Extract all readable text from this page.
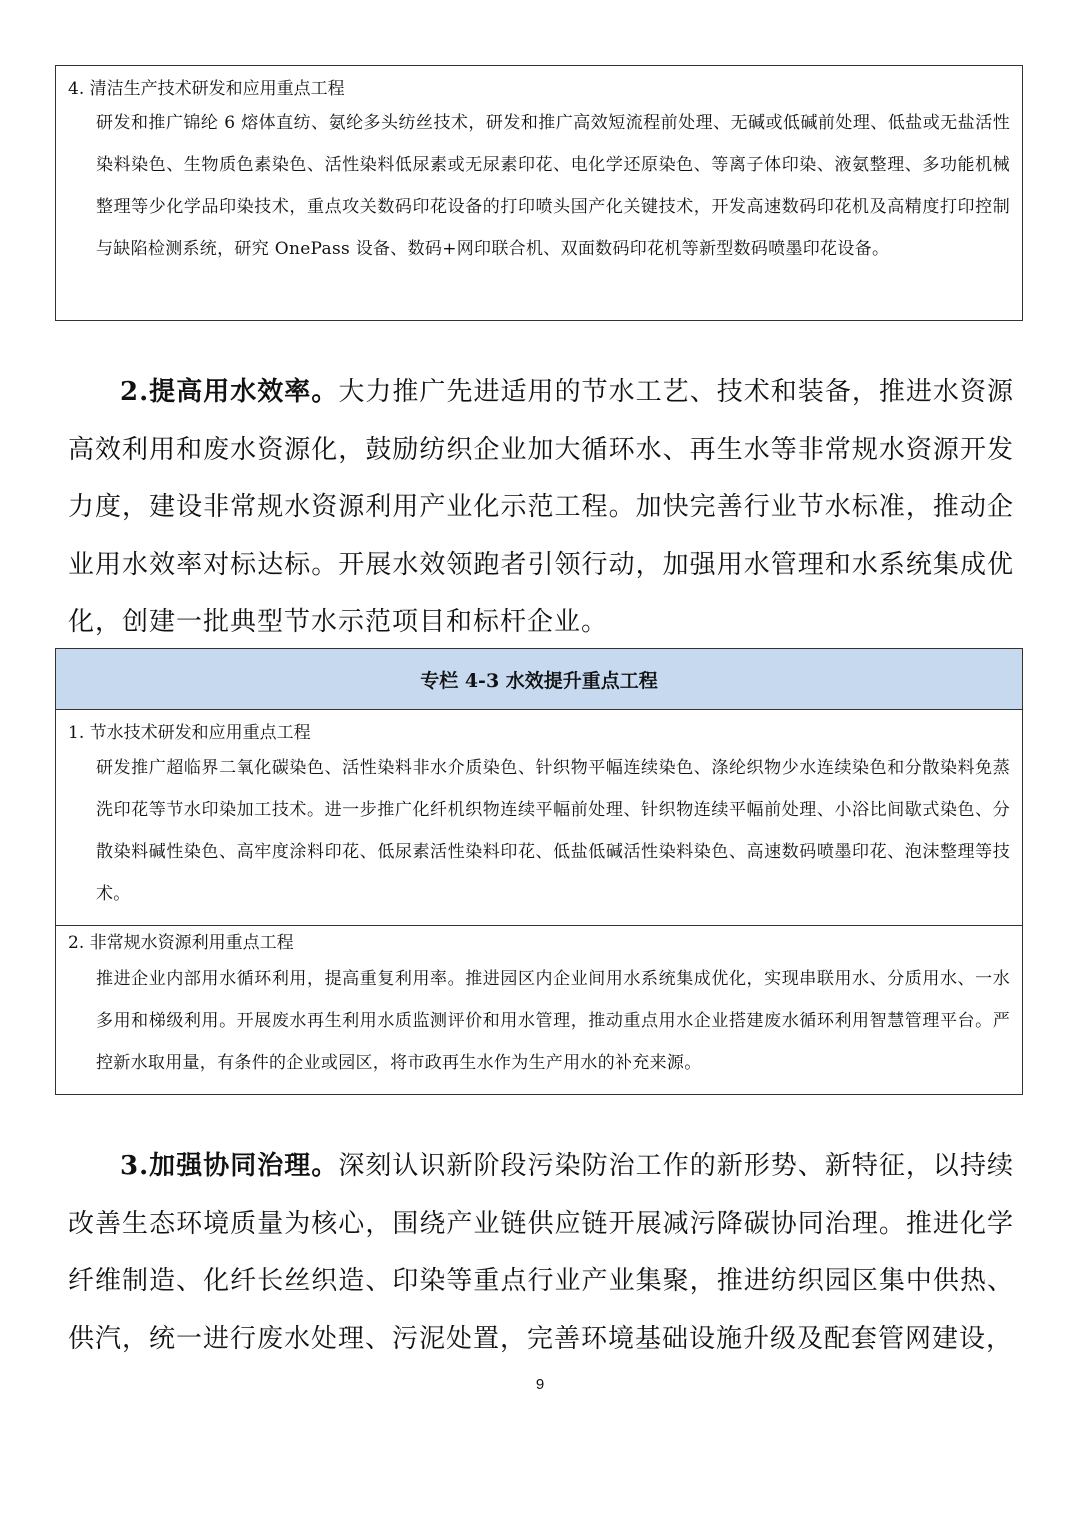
4. 清洁生产技术研发和应用重点工程
研发和推广锦纶 6 熔体直纺、氨纶多头纺丝技术，研发和推广高效短流程前处理、无碱或低碱前处理、低盐或无盐活性染料染色、生物质色素染色、活性染料低尿素或无尿素印花、电化学还原染色、等离子体印染、液氨整理、多功能机械整理等少化学品印染技术，重点攻关数码印花设备的打印喷头国产化关键技术，开发高速数码印花机及高精度打印控制与缺陷检测系统，研究 OnePass 设备、数码+网印联合机、双面数码印花机等新型数码喷墨印花设备。
2.提高用水效率。大力推广先进适用的节水工艺、技术和装备，推进水资源高效利用和废水资源化，鼓励纺织企业加大循环水、再生水等非常规水资源开发力度，建设非常规水资源利用产业化示范工程。加快完善行业节水标准，推动企业用水效率对标达标。开展水效领跑者引领行动，加强用水管理和水系统集成优化，创建一批典型节水示范项目和标杆企业。
专栏 4-3 水效提升重点工程
1. 节水技术研发和应用重点工程
研发推广超临界二氧化碳染色、活性染料非水介质染色、针织物平幅连续染色、涤纶织物少水连续染色和分散染料免蒸洗印花等节水印染加工技术。进一步推广化纤机织物连续平幅前处理、针织物连续平幅前处理、小浴比间歇式染色、分散染料碱性染色、高牢度涂料印花、低尿素活性染料印花、低盐低碱活性染料染色、高速数码喷墨印花、泡沫整理等技术。
2. 非常规水资源利用重点工程
推进企业内部用水循环利用，提高重复利用率。推进园区内企业间用水系统集成优化，实现串联用水、分质用水、一水多用和梯级利用。开展废水再生利用水质监测评价和用水管理，推动重点用水企业搭建废水循环利用智慧管理平台。严控新水取用量，有条件的企业或园区，将市政再生水作为生产用水的补充来源。
3.加强协同治理。深刻认识新阶段污染防治工作的新形势、新特征，以持续改善生态环境质量为核心，围绕产业链供应链开展减污降碳协同治理。推进化学纤维制造、化纤长丝织造、印染等重点行业产业集聚，推进纺织园区集中供热、供汽，统一进行废水处理、污泥处置，完善环境基础设施升级及配套管网建设，
9
